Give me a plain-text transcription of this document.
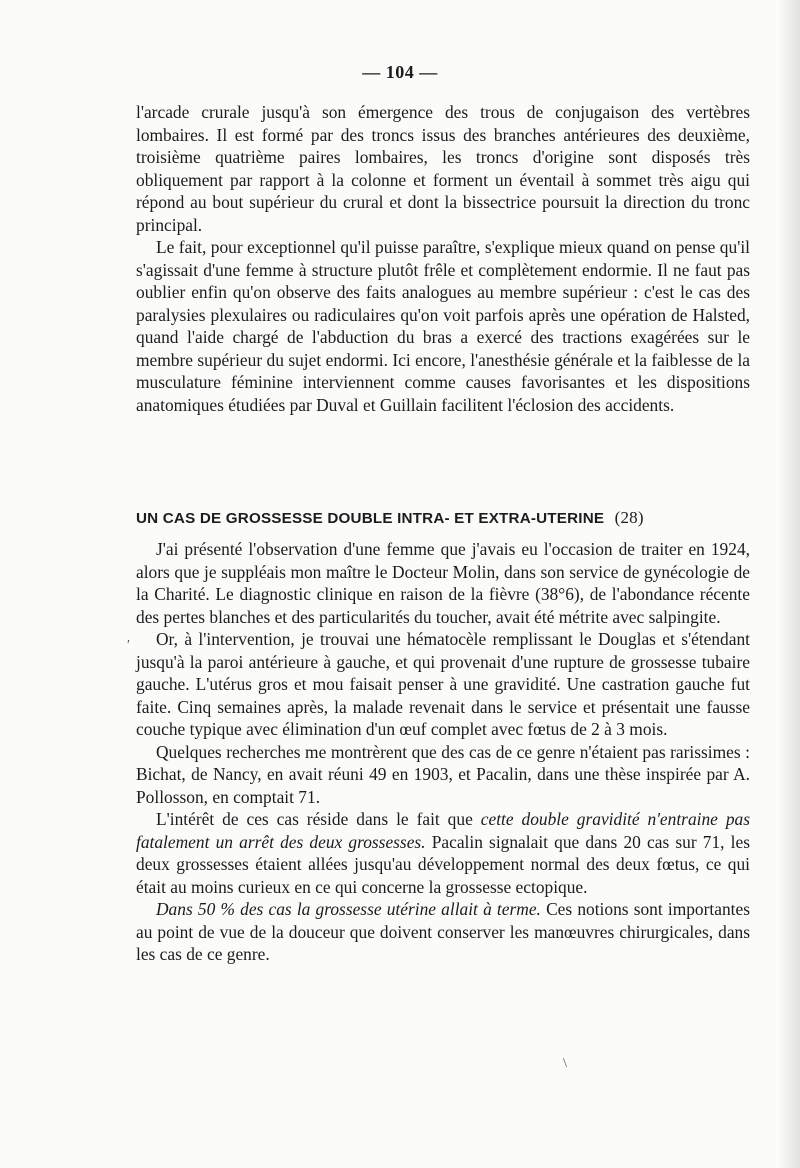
— 104 —

l'arcade crurale jusqu'à son émergence des trous de conjugaison des vertèbres lombaires. Il est formé par des troncs issus des branches antérieures des deuxième, troisième quatrième paires lombaires, les troncs d'origine sont disposés très obliquement par rapport à la colonne et forment un éventail à sommet très aigu qui répond au bout supérieur du crural et dont la bissectrice poursuit la direction du tronc principal.

Le fait, pour exceptionnel qu'il puisse paraître, s'explique mieux quand on pense qu'il s'agissait d'une femme à structure plutôt frêle et complètement endormie. Il ne faut pas oublier enfin qu'on observe des faits analogues au membre supérieur : c'est le cas des paralysies plexulaires ou radiculaires qu'on voit parfois après une opération de Halsted, quand l'aide chargé de l'abduction du bras a exercé des tractions exagérées sur le membre supérieur du sujet endormi. Ici encore, l'anesthésie générale et la faiblesse de la musculature féminine interviennent comme causes favorisantes et les dispositions anatomiques étudiées par Duval et Guillain facilitent l'éclosion des accidents.

UN CAS DE GROSSESSE DOUBLE INTRA- ET EXTRA-UTERINE (28)

J'ai présenté l'observation d'une femme que j'avais eu l'occasion de traiter en 1924, alors que je suppléais mon maître le Docteur Molin, dans son service de gynécologie de la Charité. Le diagnostic clinique en raison de la fièvre (38°6), de l'abondance récente des pertes blanches et des particularités du toucher, avait été métrite avec salpingite.

Or, à l'intervention, je trouvai une hématocèle remplissant le Douglas et s'étendant jusqu'à la paroi antérieure à gauche, et qui provenait d'une rupture de grossesse tubaire gauche. L'utérus gros et mou faisait penser à une gravidité. Une castration gauche fut faite. Cinq semaines après, la malade revenait dans le service et présentait une fausse couche typique avec élimination d'un œuf complet avec fœtus de 2 à 3 mois.

Quelques recherches me montrèrent que des cas de ce genre n'étaient pas rarissimes : Bichat, de Nancy, en avait réuni 49 en 1903, et Pacalin, dans une thèse inspirée par A. Pollosson, en comptait 71.

L'intérêt de ces cas réside dans le fait que cette double gravidité n'entraine pas fatalement un arrêt des deux grossesses. Pacalin signalait que dans 20 cas sur 71, les deux grossesses étaient allées jusqu'au développement normal des deux fœtus, ce qui était au moins curieux en ce qui concerne la grossesse ectopique.

Dans 50 % des cas la grossesse utérine allait à terme. Ces notions sont importantes au point de vue de la douceur que doivent conserver les manœuvres chirurgicales, dans les cas de ce genre.

′
\
